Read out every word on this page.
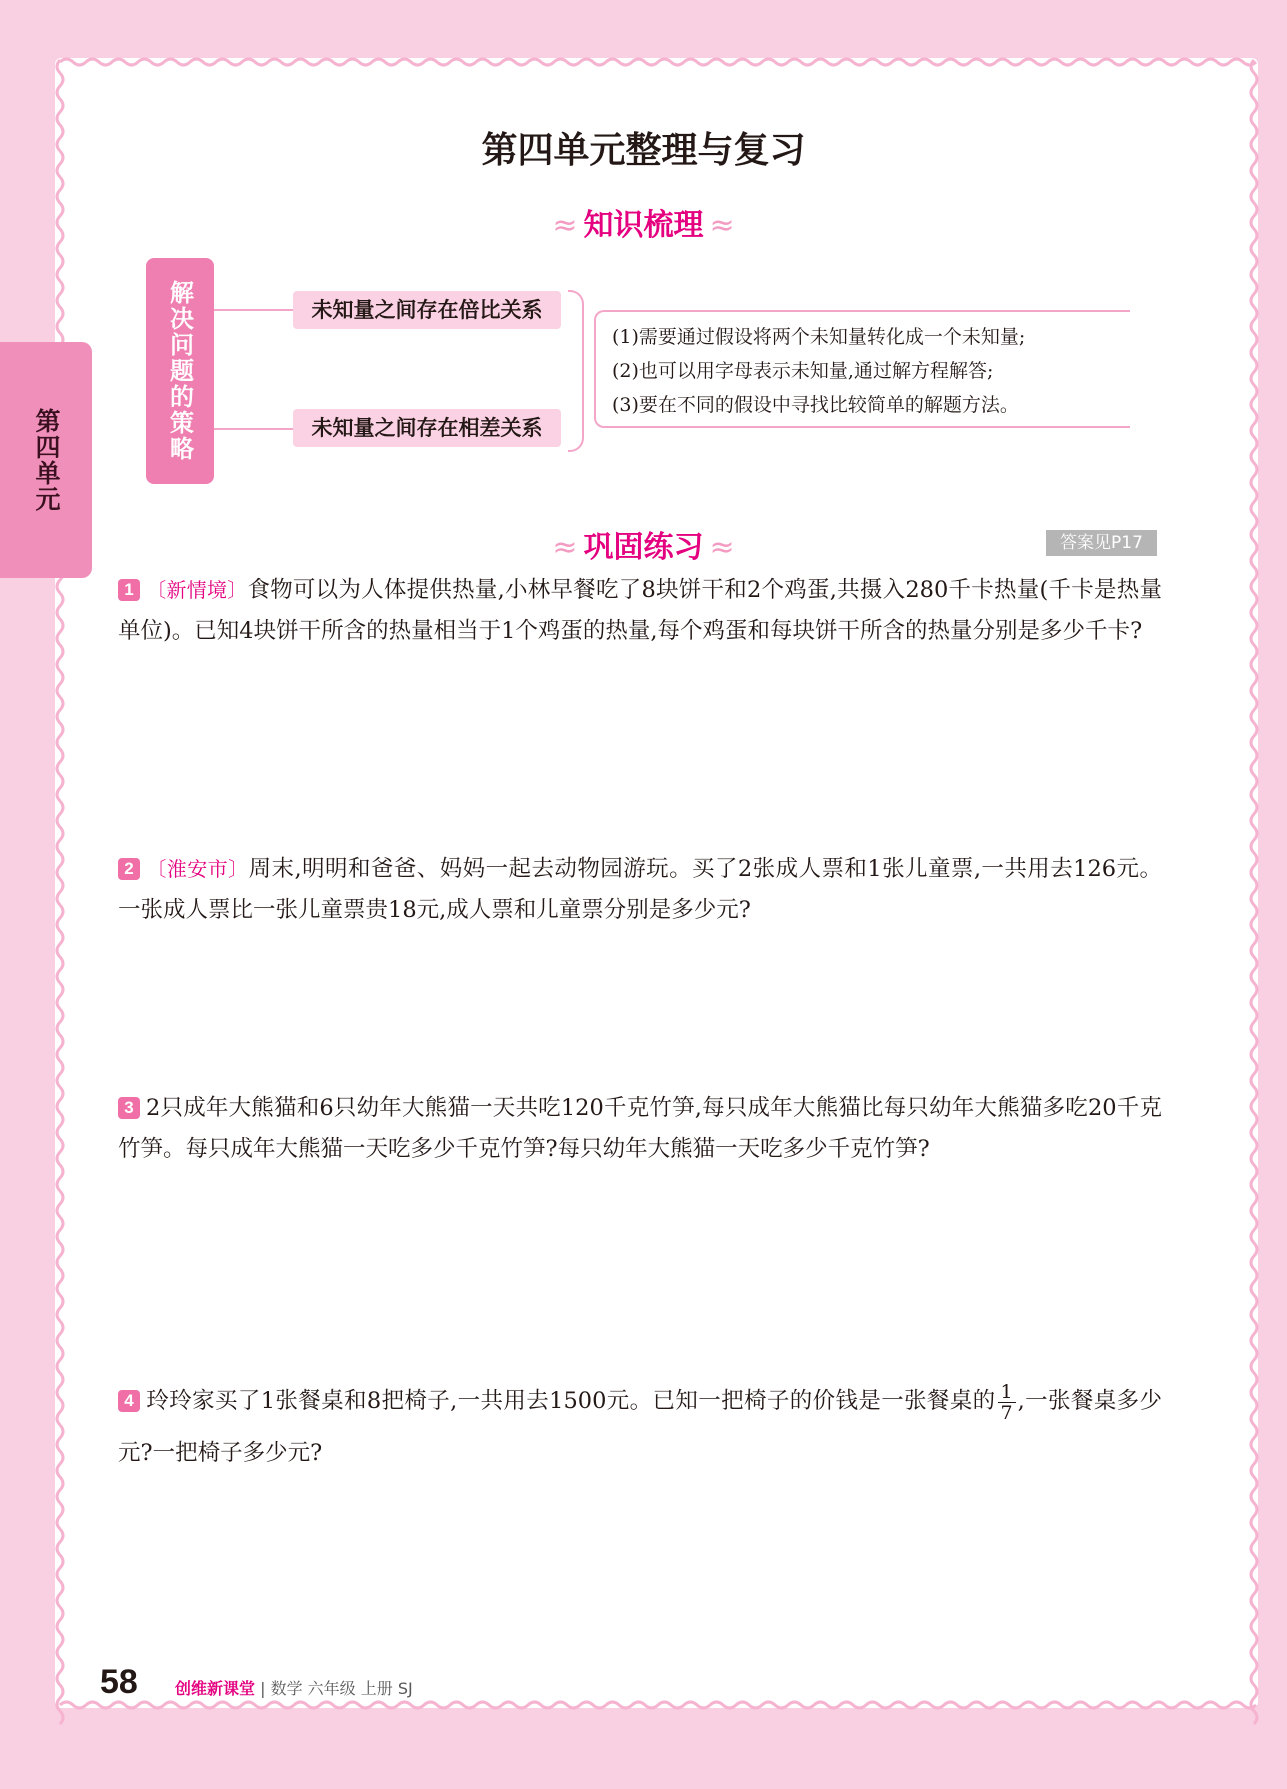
第四单元
第四单元整理与复习
≈ 知识梳理 ≈
解决问题的策略	未知量之间存在倍比关系
未知量之间存在相差关系
(1)需要通过假设将两个未知量转化成一个未知量;
(2)也可以用字母表示未知量,通过解方程解答;
(3)要在不同的假设中寻找比较简单的解题方法。
≈ 巩固练习 ≈	答案见P17
1 〔新情境〕食物可以为人体提供热量,小林早餐吃了8块饼干和2个鸡蛋,共摄入280千卡热量(千卡是热量单位)。已知4块饼干所含的热量相当于1个鸡蛋的热量,每个鸡蛋和每块饼干所含的热量分别是多少千卡?
2 〔淮安市〕周末,明明和爸爸、妈妈一起去动物园游玩。买了2张成人票和1张儿童票,一共用去126元。一张成人票比一张儿童票贵18元,成人票和儿童票分别是多少元?
3 2只成年大熊猫和6只幼年大熊猫一天共吃120千克竹笋,每只成年大熊猫比每只幼年大熊猫多吃20千克竹笋。每只成年大熊猫一天吃多少千克竹笋?每只幼年大熊猫一天吃多少千克竹笋?
4 玲玲家买了1张餐桌和8把椅子,一共用去1500元。已知一把椅子的价钱是一张餐桌的 $\frac{1}{7}$ ,一张餐桌多少元?一把椅子多少元?
58 创维新课堂 | 数学 六年级 上册 SJ
